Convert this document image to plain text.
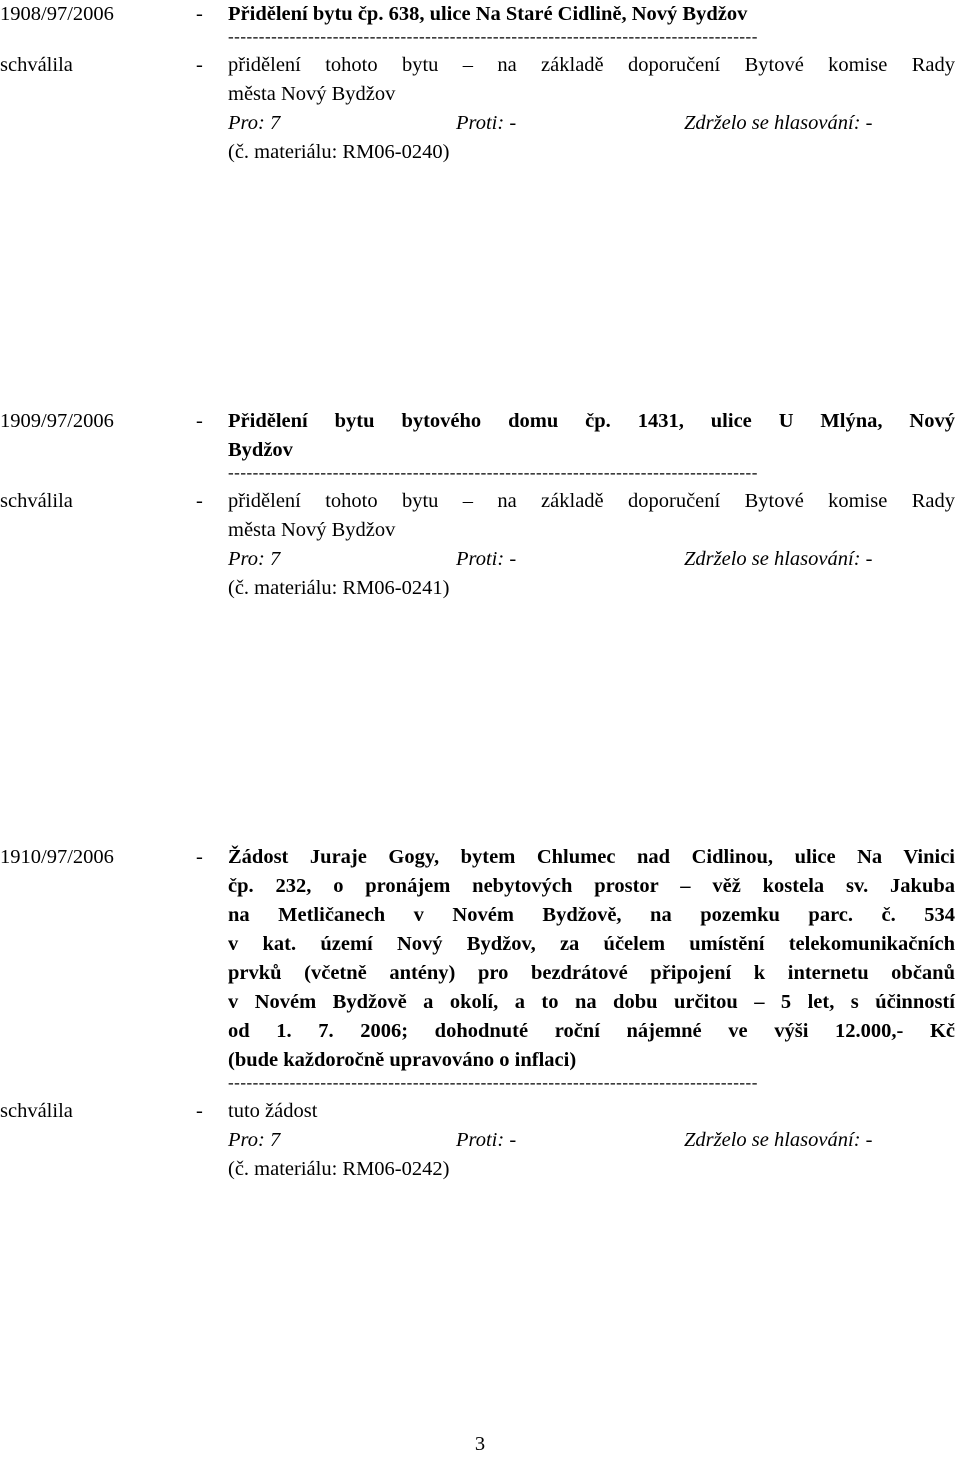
1908/97/2006	-	Přidělení bytu čp. 638, ulice Na Staré Cidlině, Nový Bydžov
--------------------------------------------------------------------------------------
schválila	-	přidělení tohoto bytu – na základě doporučení Bytové komise Rady
města Nový Bydžov
Pro: 7	Proti: -	Zdrželo se hlasování: -
(č. materiálu: RM06-0240)
1909/97/2006	-	Přidělení bytu bytového domu čp. 1431, ulice U Mlýna, Nový
Bydžov
--------------------------------------------------------------------------------------
schválila	-	přidělení tohoto bytu – na základě doporučení Bytové komise Rady
města Nový Bydžov
Pro: 7	Proti: -	Zdrželo se hlasování: -
(č. materiálu: RM06-0241)
1910/97/2006	-	Žádost Juraje Gogy, bytem Chlumec nad Cidlinou, ulice Na Vinici
čp. 232, o pronájem nebytových prostor – věž kostela sv. Jakuba
na Metličanech v Novém Bydžově, na pozemku parc. č. 534
v kat. území Nový Bydžov, za účelem umístění telekomunikačních
prvků (včetně antény) pro bezdrátové připojení k internetu občanů
v Novém Bydžově a okolí, a to na dobu určitou – 5 let, s účinností
od 1. 7. 2006; dohodnuté roční nájemné ve výši 12.000,- Kč
(bude každoročně upravováno o inflaci)
--------------------------------------------------------------------------------------
schválila	-	tuto žádost
Pro: 7	Proti: -	Zdrželo se hlasování: -
(č. materiálu: RM06-0242)
3
